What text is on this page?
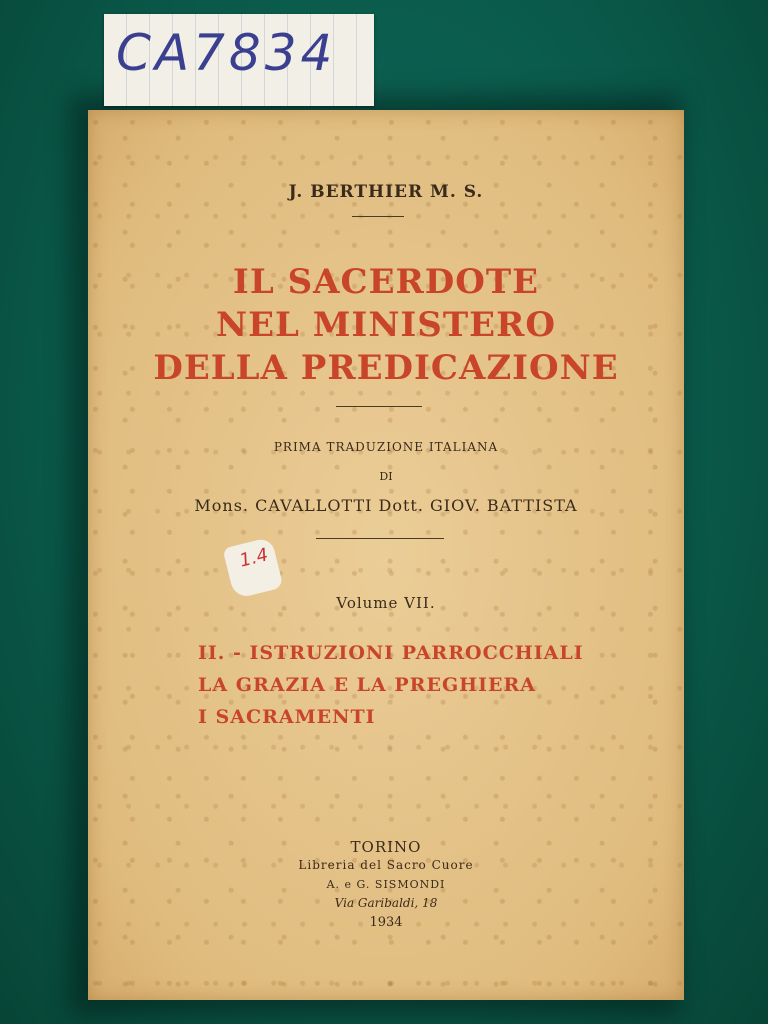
CA7834
J. BERTHIER M. S.
IL SACERDOTE
NEL MINISTERO
DELLA PREDICAZIONE
PRIMA TRADUZIONE ITALIANA
DI
Mons. CAVALLOTTI Dott. GIOV. BATTISTA
1.4
Volume VII.
II. - ISTRUZIONI PARROCCHIALI
LA GRAZIA E LA PREGHIERA
I SACRAMENTI
TORINO
Libreria del Sacro Cuore
A. e G. SISMONDI
Via Garibaldi, 18
1934
